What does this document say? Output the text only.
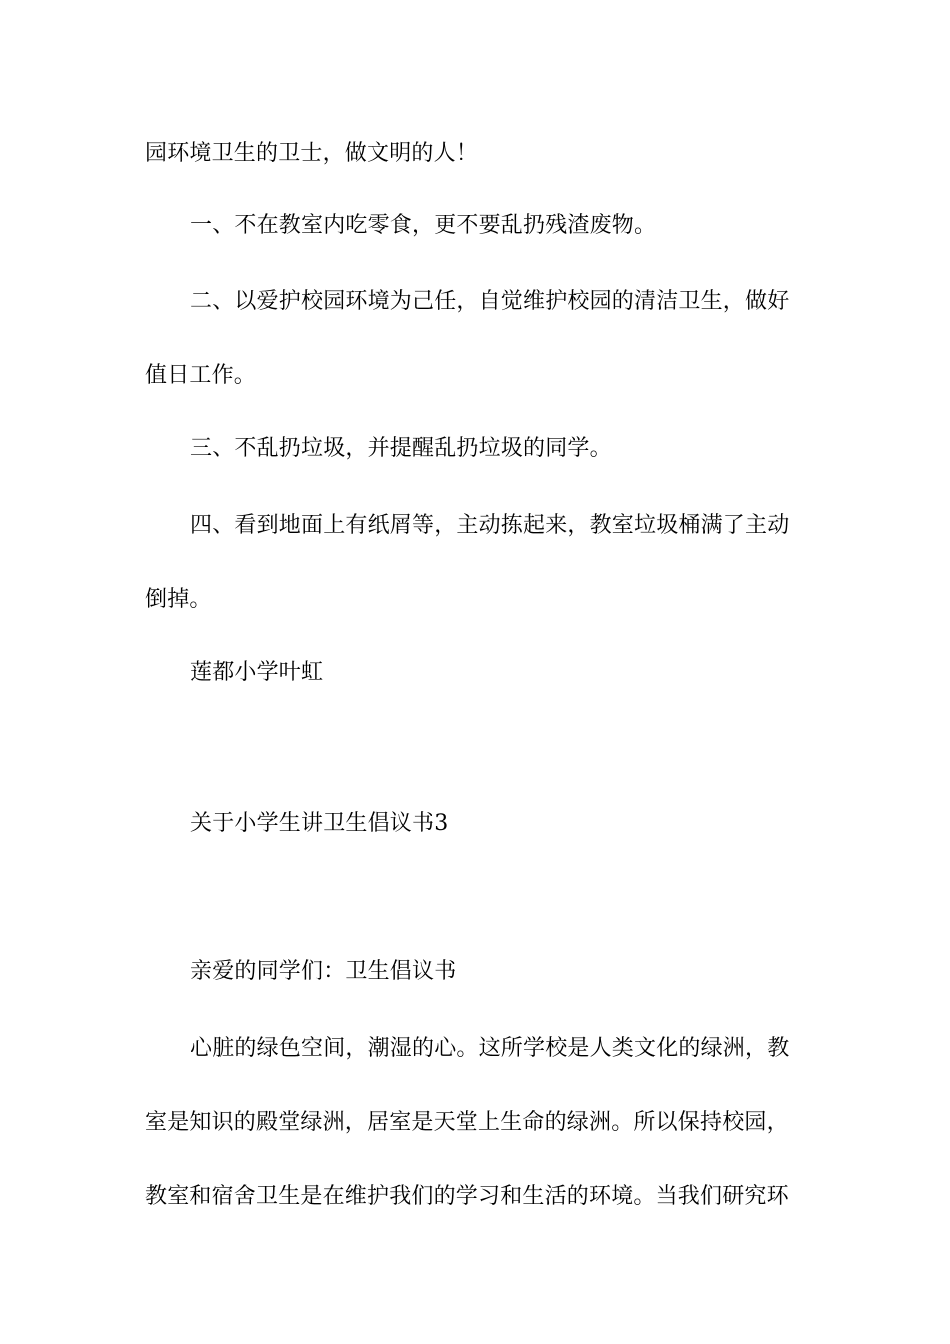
园环境卫生的卫士，做文明的人！
一、不在教室内吃零食，更不要乱扔残渣废物。
二、以爱护校园环境为己任，自觉维护校园的清洁卫生，做好
值日工作。
三、不乱扔垃圾，并提醒乱扔垃圾的同学。
四、看到地面上有纸屑等，主动拣起来，教室垃圾桶满了主动
倒掉。
莲都小学叶虹
关于小学生讲卫生倡议书3
亲爱的同学们：卫生倡议书
心脏的绿色空间，潮湿的心。这所学校是人类文化的绿洲，教
室是知识的殿堂绿洲，居室是天堂上生命的绿洲。所以保持校园，
教室和宿舍卫生是在维护我们的学习和生活的环境。当我们研究环
